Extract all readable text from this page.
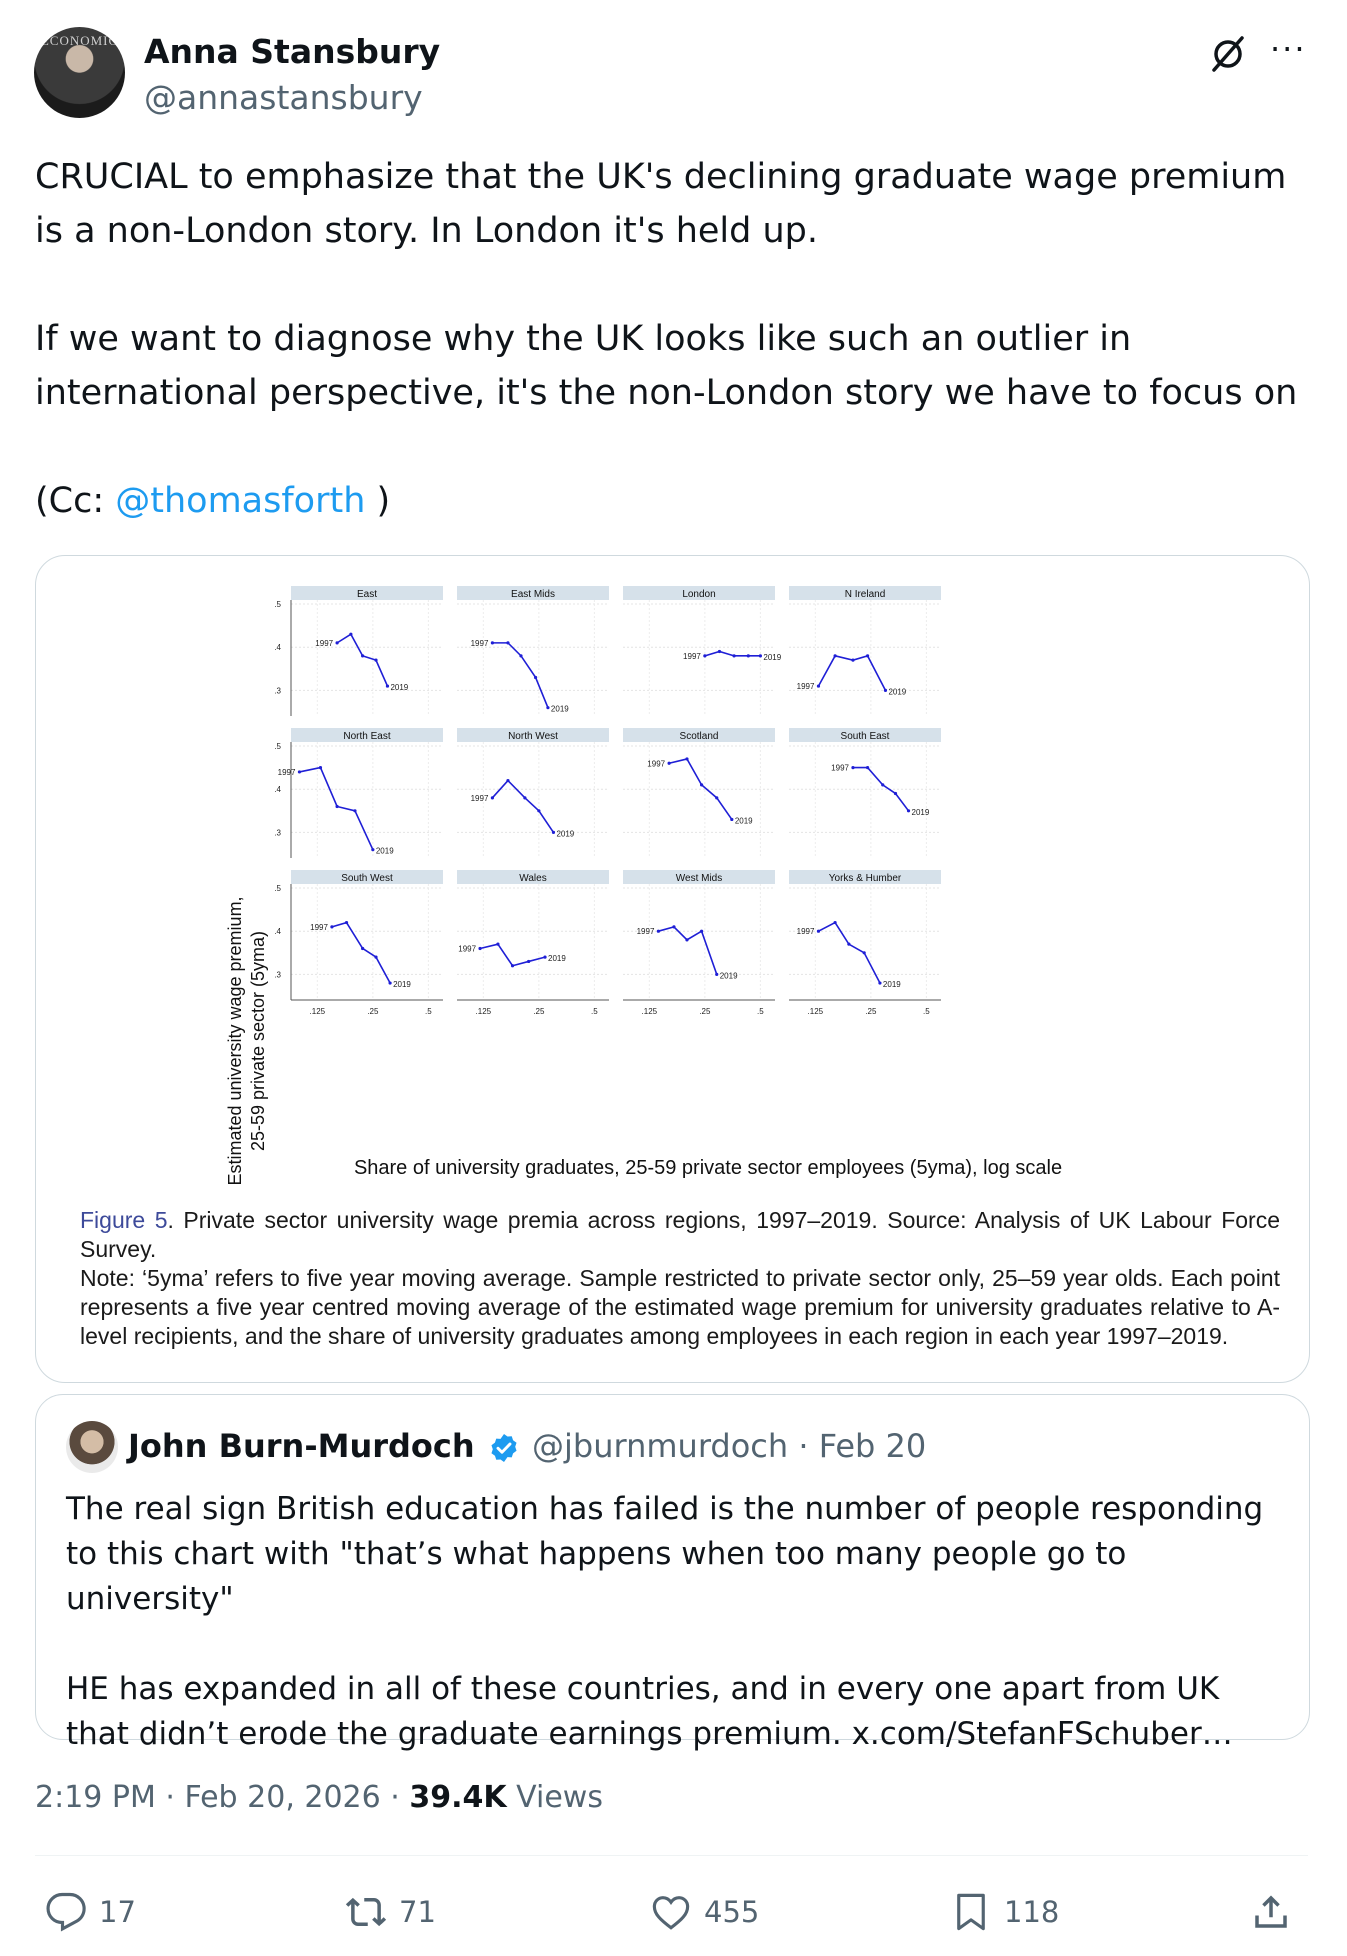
ECONOMIC Anna Stansbury
@annastansbury
···

CRUCIAL to emphasize that the UK's declining graduate wage premium is a non-London story. In London it's held up.

If we want to diagnose why the UK looks like such an outlier in international perspective, it's the non-London story we have to focus on

(Cc: @thomasforth )

Estimated university wage premium, 25-59 private sector (5yma)
Share of university graduates, 25-59 private sector employees (5yma), log scale
East
.5
.4
.3
1997
2019
East Mids
1997
2019
London
1997	2019
N Ireland
1997
2019
North East
.5
.4
.3
1997
2019
North West
1997
2019
Scotland
1997
2019
South East
1997
2019
South West
.5
.4
.3
.125	.25	.5
1997
2019
Wales
.125	.25	.5
1997
2019
West Mids
.125	.25	.5
1997
2019
Yorks & Humber
.125	.25	.5
1997
2019

Figure 5. Private sector university wage premia across regions, 1997–2019. Source: Analysis of UK Labour Force Survey.

Note: ‘5yma’ refers to five year moving average. Sample restricted to private sector only, 25–59 year olds. Each point represents a five year centred moving average of the estimated wage premium for university graduates relative to A-level recipients, and the share of university graduates among employees in each region in each year 1997–2019.

John Burn-Murdoch @jburnmurdoch · Feb 20

The real sign British education has failed is the number of people responding to this chart with "that’s what happens when too many people go to university"

HE has expanded in all of these countries, and in every one apart from UK that didn’t erode the graduate earnings premium. x.com/StefanFSchuber…

2:19 PM · Feb 20, 2026 · 39.4K Views
17	71	455	118
